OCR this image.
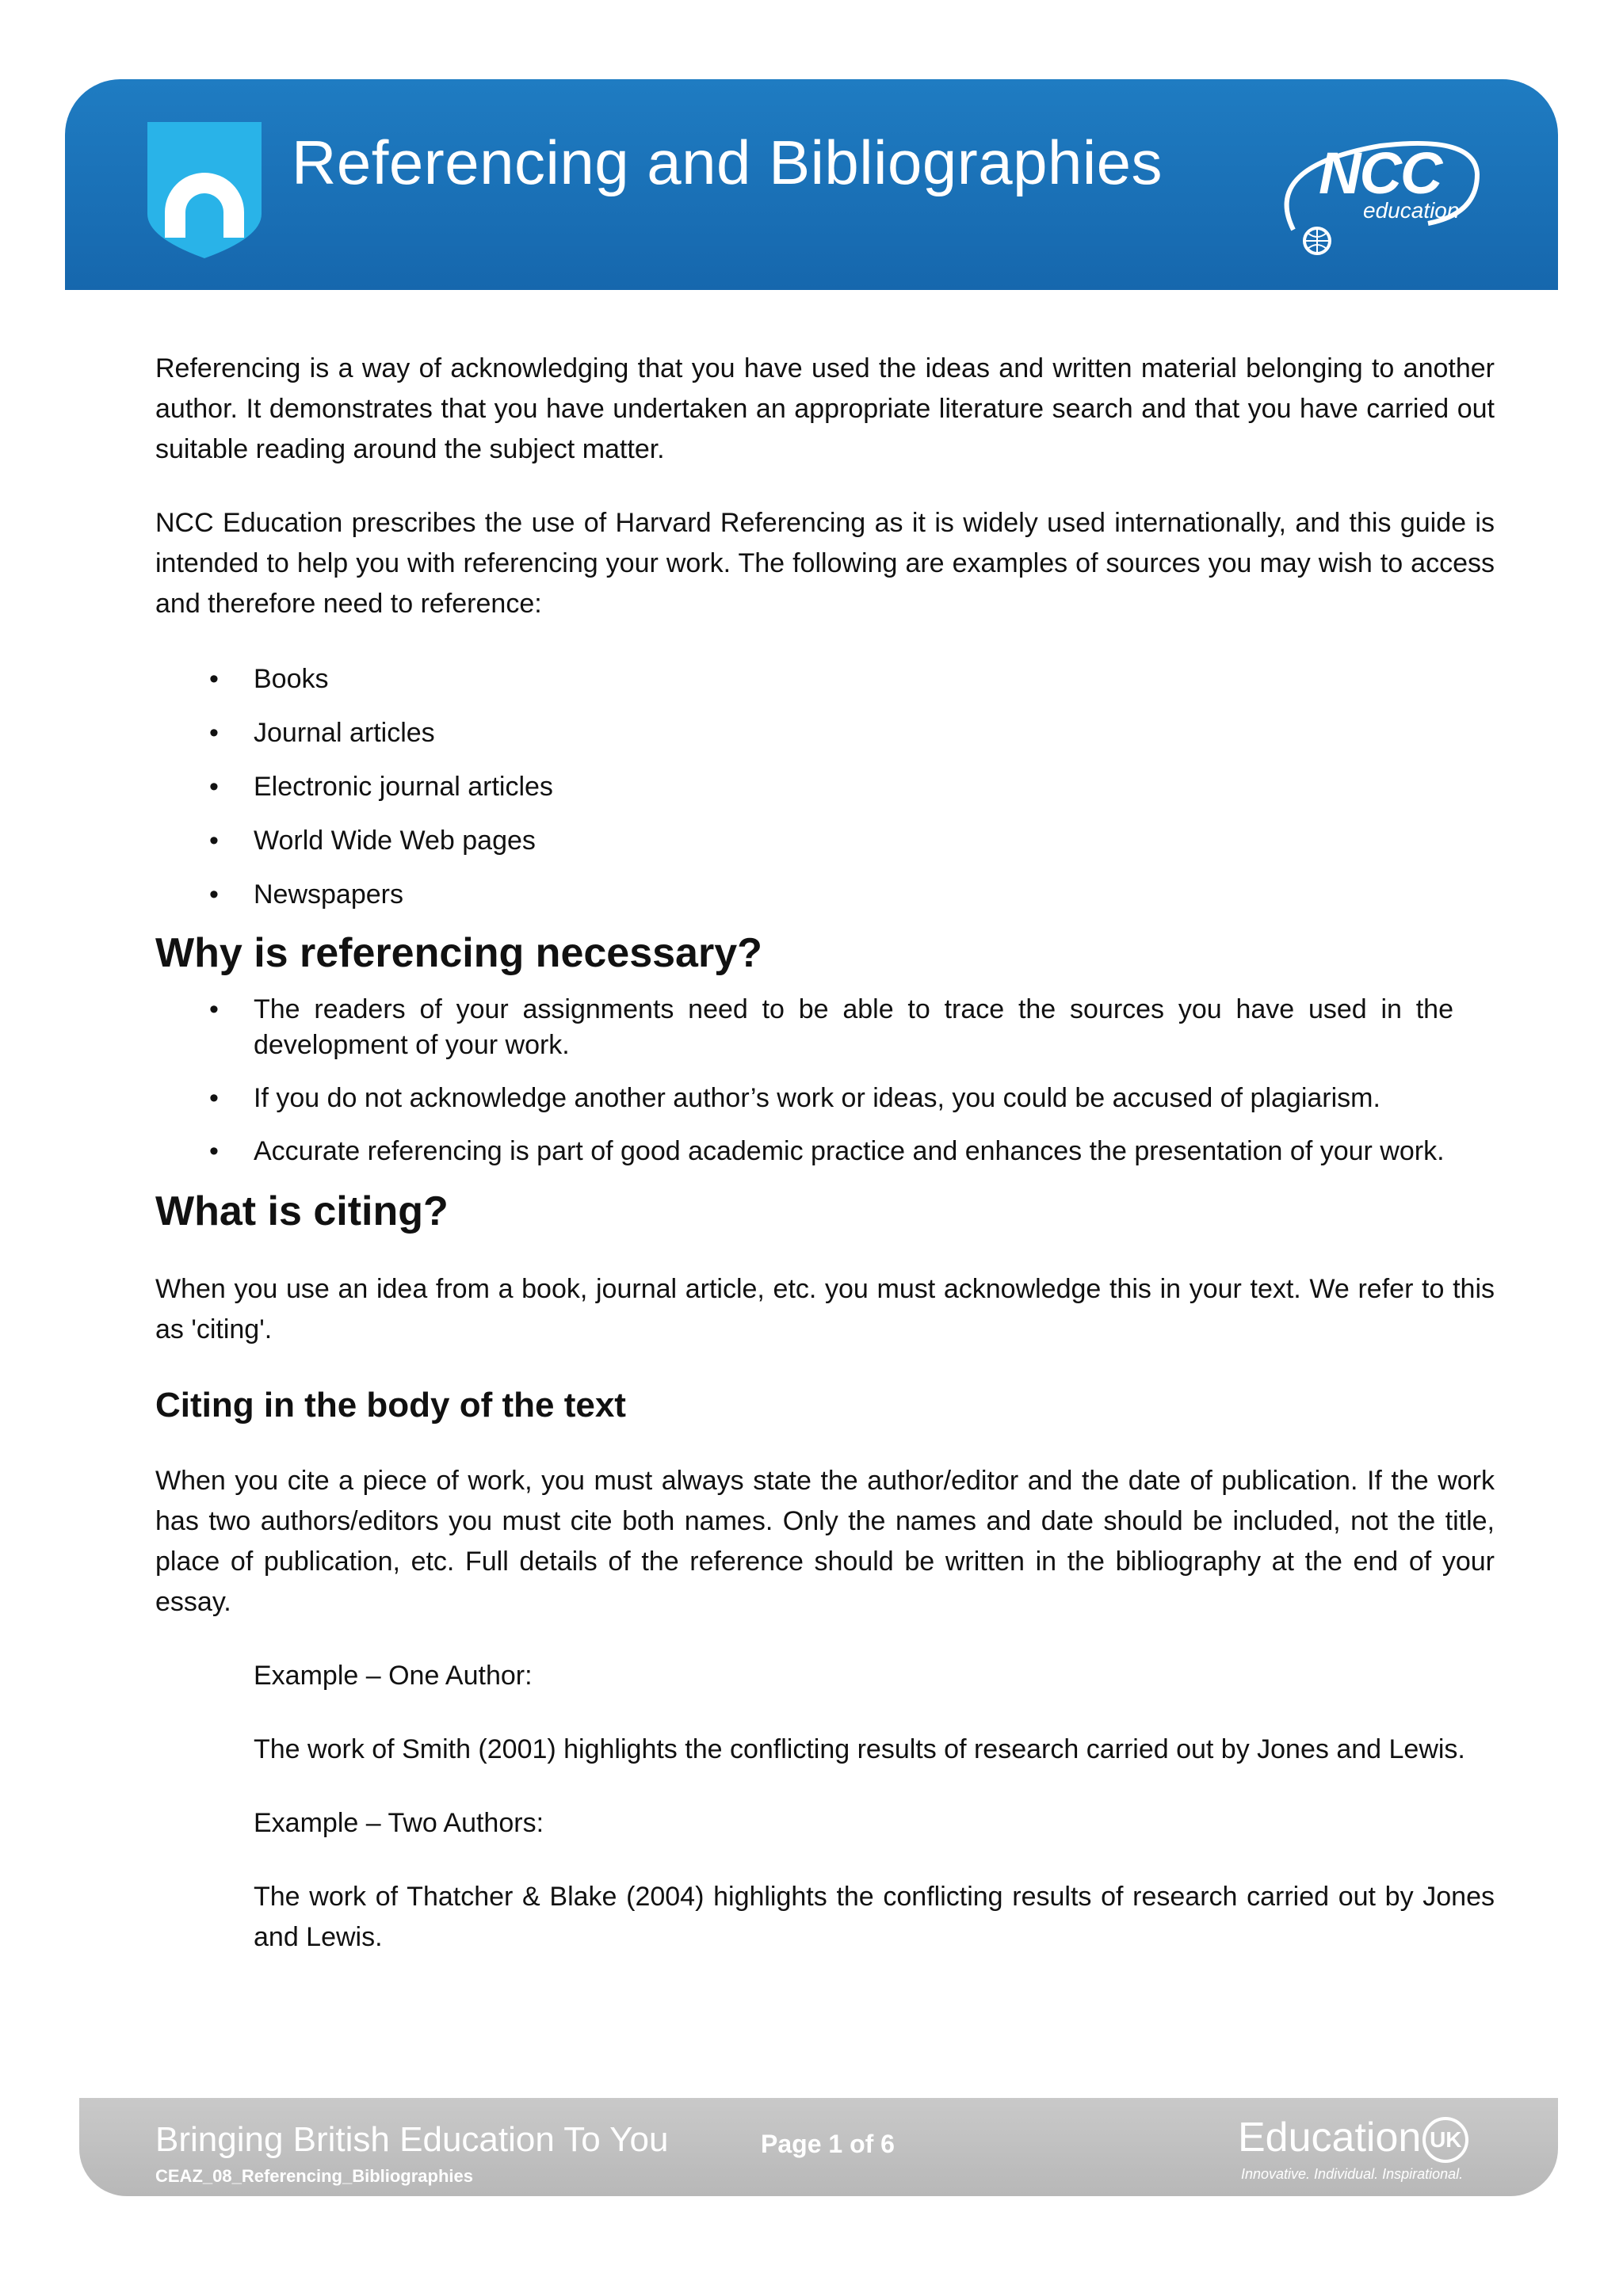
Referencing and Bibliographies	NCC
education

Referencing is a way of acknowledging that you have used the ideas and written material belonging to another author. It demonstrates that you have undertaken an appropriate literature search and that you have carried out suitable reading around the subject matter.

NCC Education prescribes the use of Harvard Referencing as it is widely used internationally, and this guide is intended to help you with referencing your work. The following are examples of sources you may wish to access and therefore need to reference:

• Books
• Journal articles
• Electronic journal articles
• World Wide Web pages
• Newspapers
Why is referencing necessary?
• The readers of your assignments need to be able to trace the sources you have used in the development of your work.
• If you do not acknowledge another author’s work or ideas, you could be accused of plagiarism.
• Accurate referencing is part of good academic practice and enhances the presentation of your work.
What is citing?

When you use an idea from a book, journal article, etc. you must acknowledge this in your text. We refer to this as 'citing'.

Citing in the body of the text

When you cite a piece of work, you must always state the author/editor and the date of publication. If the work has two authors/editors you must cite both names. Only the names and date should be included, not the title, place of publication, etc. Full details of the reference should be written in the bibliography at the end of your essay.

Example – One Author:

The work of Smith (2001) highlights the conflicting results of research carried out by Jones and Lewis.

Example – Two Authors:

The work of Thatcher & Blake (2004) highlights the conflicting results of research carried out by Jones and Lewis.

Bringing British Education To You
CEAZ_08_Referencing_Bibliographies
Page 1 of 6	Education UK
Innovative. Individual. Inspirational.
